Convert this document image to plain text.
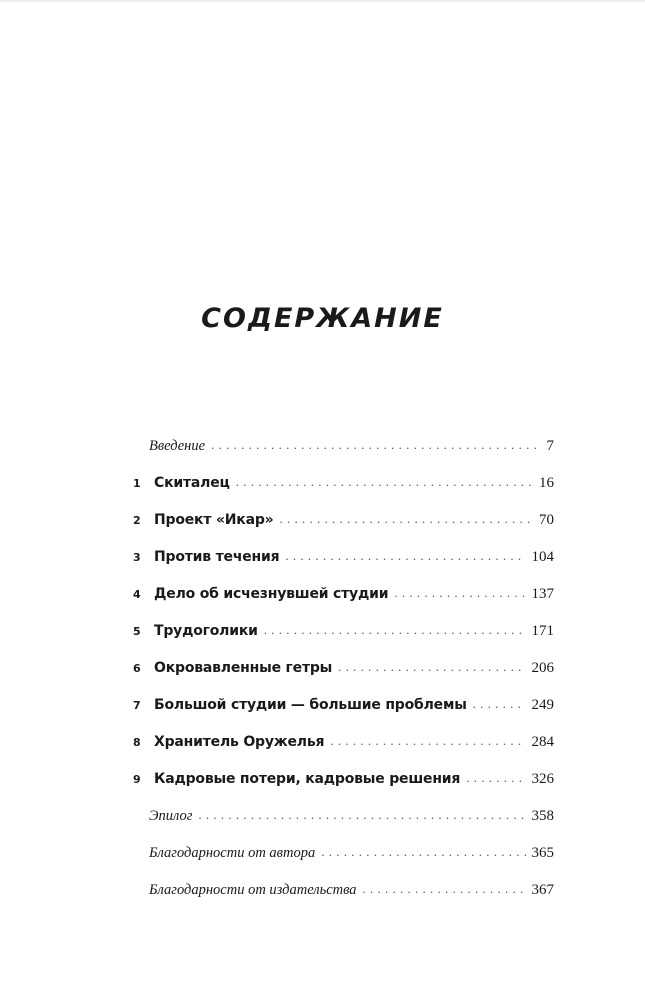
СОДЕРЖАНИЕ
Введение . . .	7
1 Скиталец . . .	16
2 Проект «Икар» . . .	70
3 Против течения . . .	104
4 Дело об исчезнувшей студии . . .	137
5 Трудоголики . . .	171
6 Окровавленные гетры . . .	206
7 Большой студии — большие проблемы . . .	249
8 Хранитель Оружелья . . .	284
9 Кадровые потери, кадровые решения . . .	326
Эпилог . . .	358
Благодарности от автора . . .	365
Благодарности от издательства . . .	367
